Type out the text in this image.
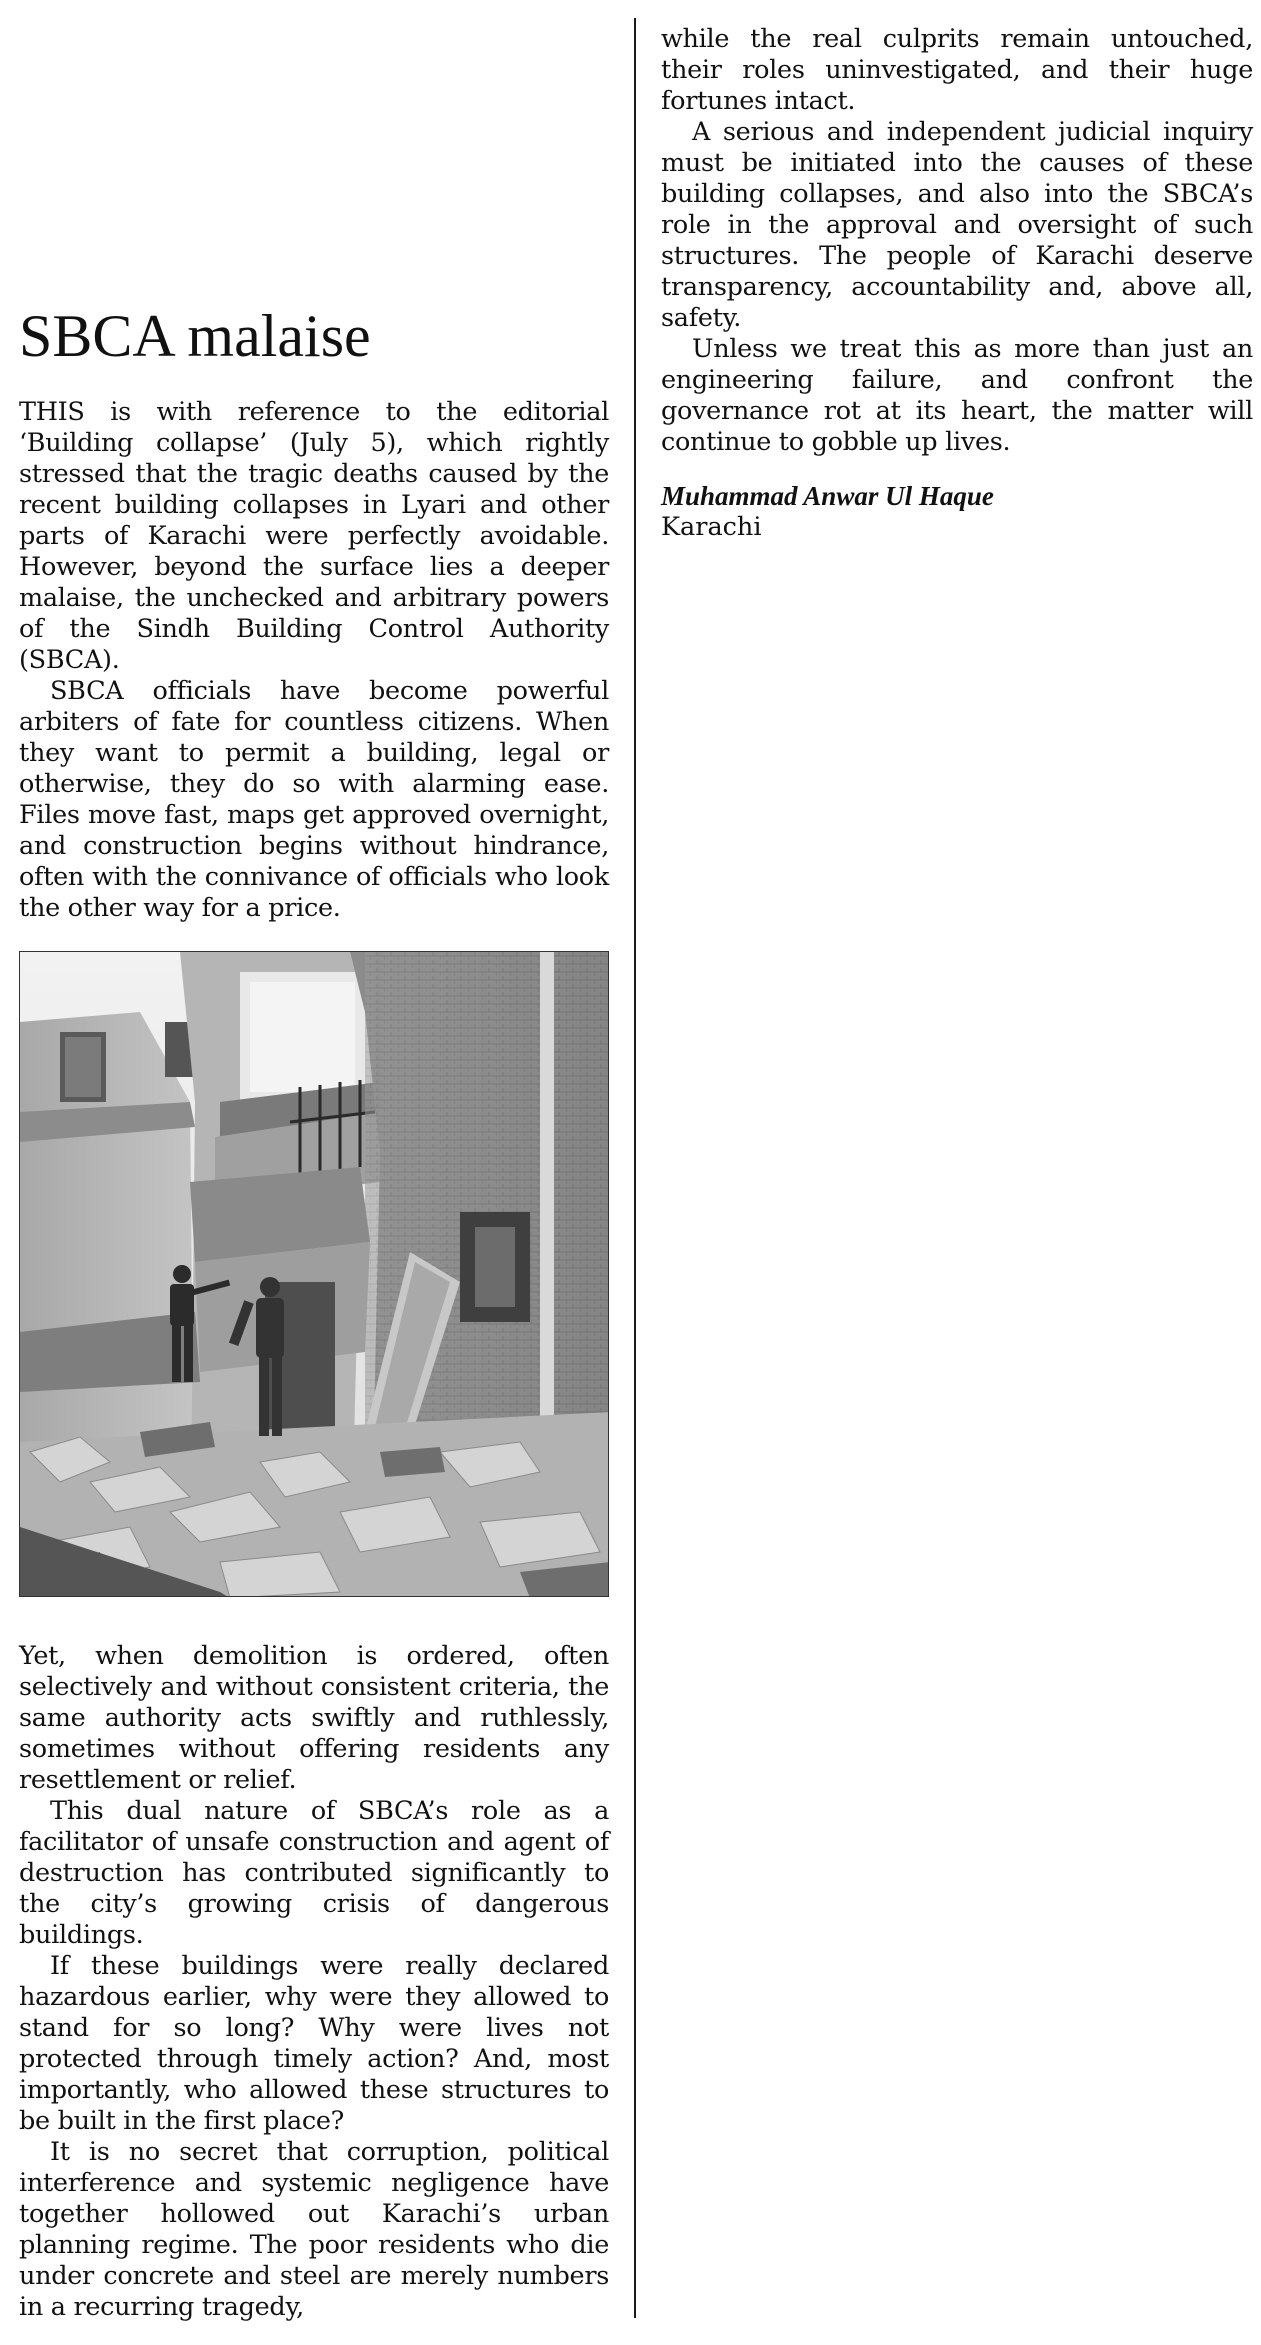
SBCA malaise

THIS is with reference to the editorial ‘Building collapse’ (July 5), which rightly stressed that the tragic deaths caused by the recent building collapses in Lyari and other parts of Karachi were perfectly avoidable. However, beyond the surface lies a deeper malaise, the unchecked and arbitrary powers of the Sindh Building Control Authority (SBCA).

SBCA officials have become powerful arbiters of fate for countless citizens. When they want to permit a building, legal or otherwise, they do so with alarming ease. Files move fast, maps get approved overnight, and construction begins without hindrance, often with the connivance of officials who look the other way for a price.

Yet, when demolition is ordered, often selectively and without consistent criteria, the same authority acts swiftly and ruthlessly, sometimes without offering residents any resettlement or relief.

This dual nature of SBCA’s role as a facilitator of unsafe construction and agent of destruction has contributed significantly to the city’s growing crisis of dangerous buildings.

If these buildings were really declared hazardous earlier, why were they allowed to stand for so long? Why were lives not protected through timely action? And, most importantly, who allowed these structures to be built in the first place?

It is no secret that corruption, political interference and systemic negligence have together hollowed out Karachi’s urban planning regime. The poor residents who die under concrete and steel are merely numbers in a recurring tragedy,

while the real culprits remain untouched, their roles uninvestigated, and their huge fortunes intact.

A serious and independent judicial inquiry must be initiated into the causes of these building collapses, and also into the SBCA’s role in the approval and oversight of such structures. The people of Karachi deserve transparency, accountability and, above all, safety.

Unless we treat this as more than just an engineering failure, and confront the governance rot at its heart, the matter will continue to gobble up lives.

Muhammad Anwar Ul Haque

Karachi
